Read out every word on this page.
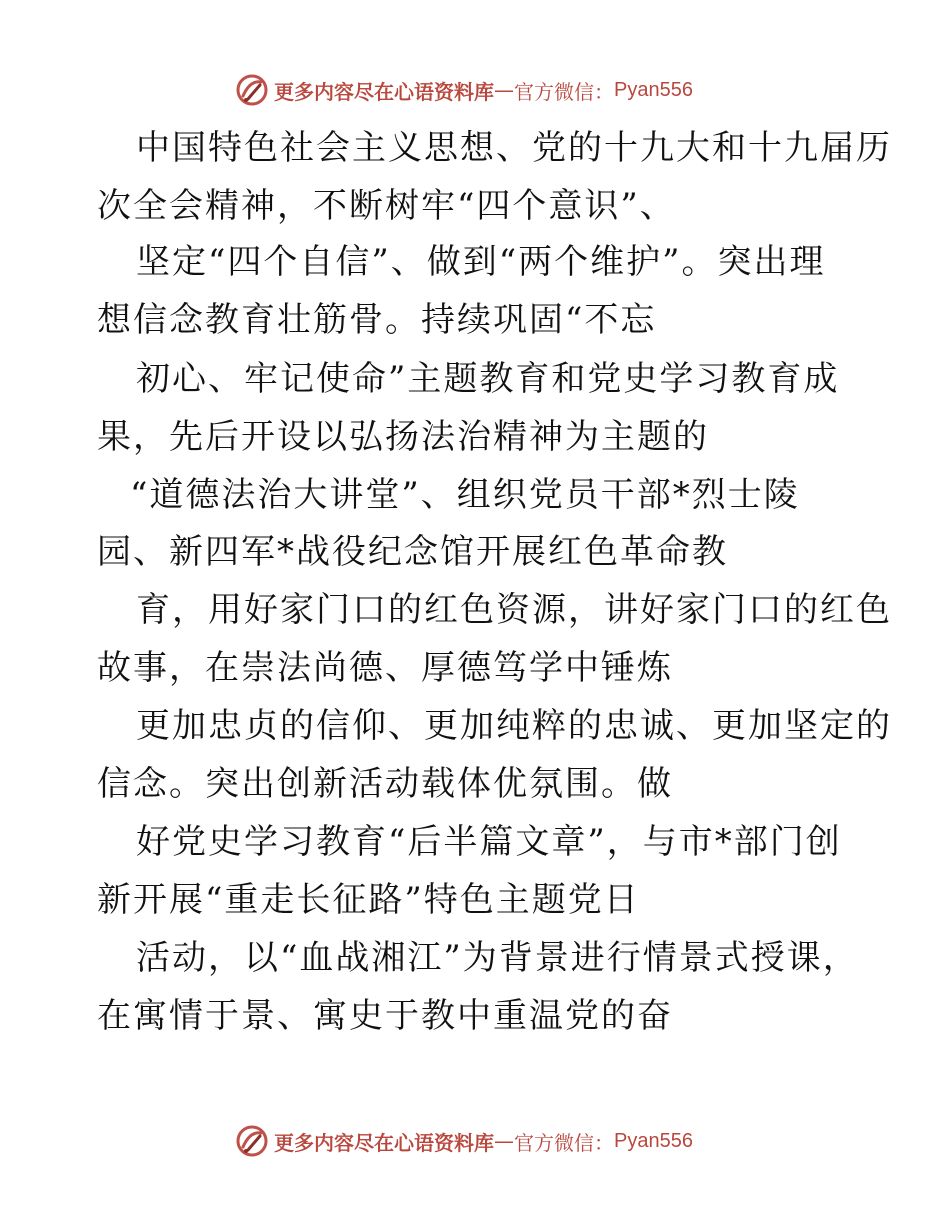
更多内容尽在心语资料库 — 官方微信： Pyan556
中国特色社会主义思想、党的十九大和十九届历
次全会精神，不断树牢“四个意识”、
坚定“四个自信”、做到“两个维护”。突出理
想信念教育壮筋骨。持续巩固“不忘
初心、牢记使命”主题教育和党史学习教育成
果，先后开设以弘扬法治精神为主题的
“道德法治大讲堂”、组织党员干部*烈士陵
园、新四军*战役纪念馆开展红色革命教
育，用好家门口的红色资源，讲好家门口的红色
故事，在崇法尚德、厚德笃学中锤炼
更加忠贞的信仰、更加纯粹的忠诚、更加坚定的
信念。突出创新活动载体优氛围。做
好党史学习教育“后半篇文章”，与市*部门创
新开展“重走长征路”特色主题党日
活动，以“血战湘江”为背景进行情景式授课，
在寓情于景、寓史于教中重温党的奋
更多内容尽在心语资料库 — 官方微信： Pyan556
